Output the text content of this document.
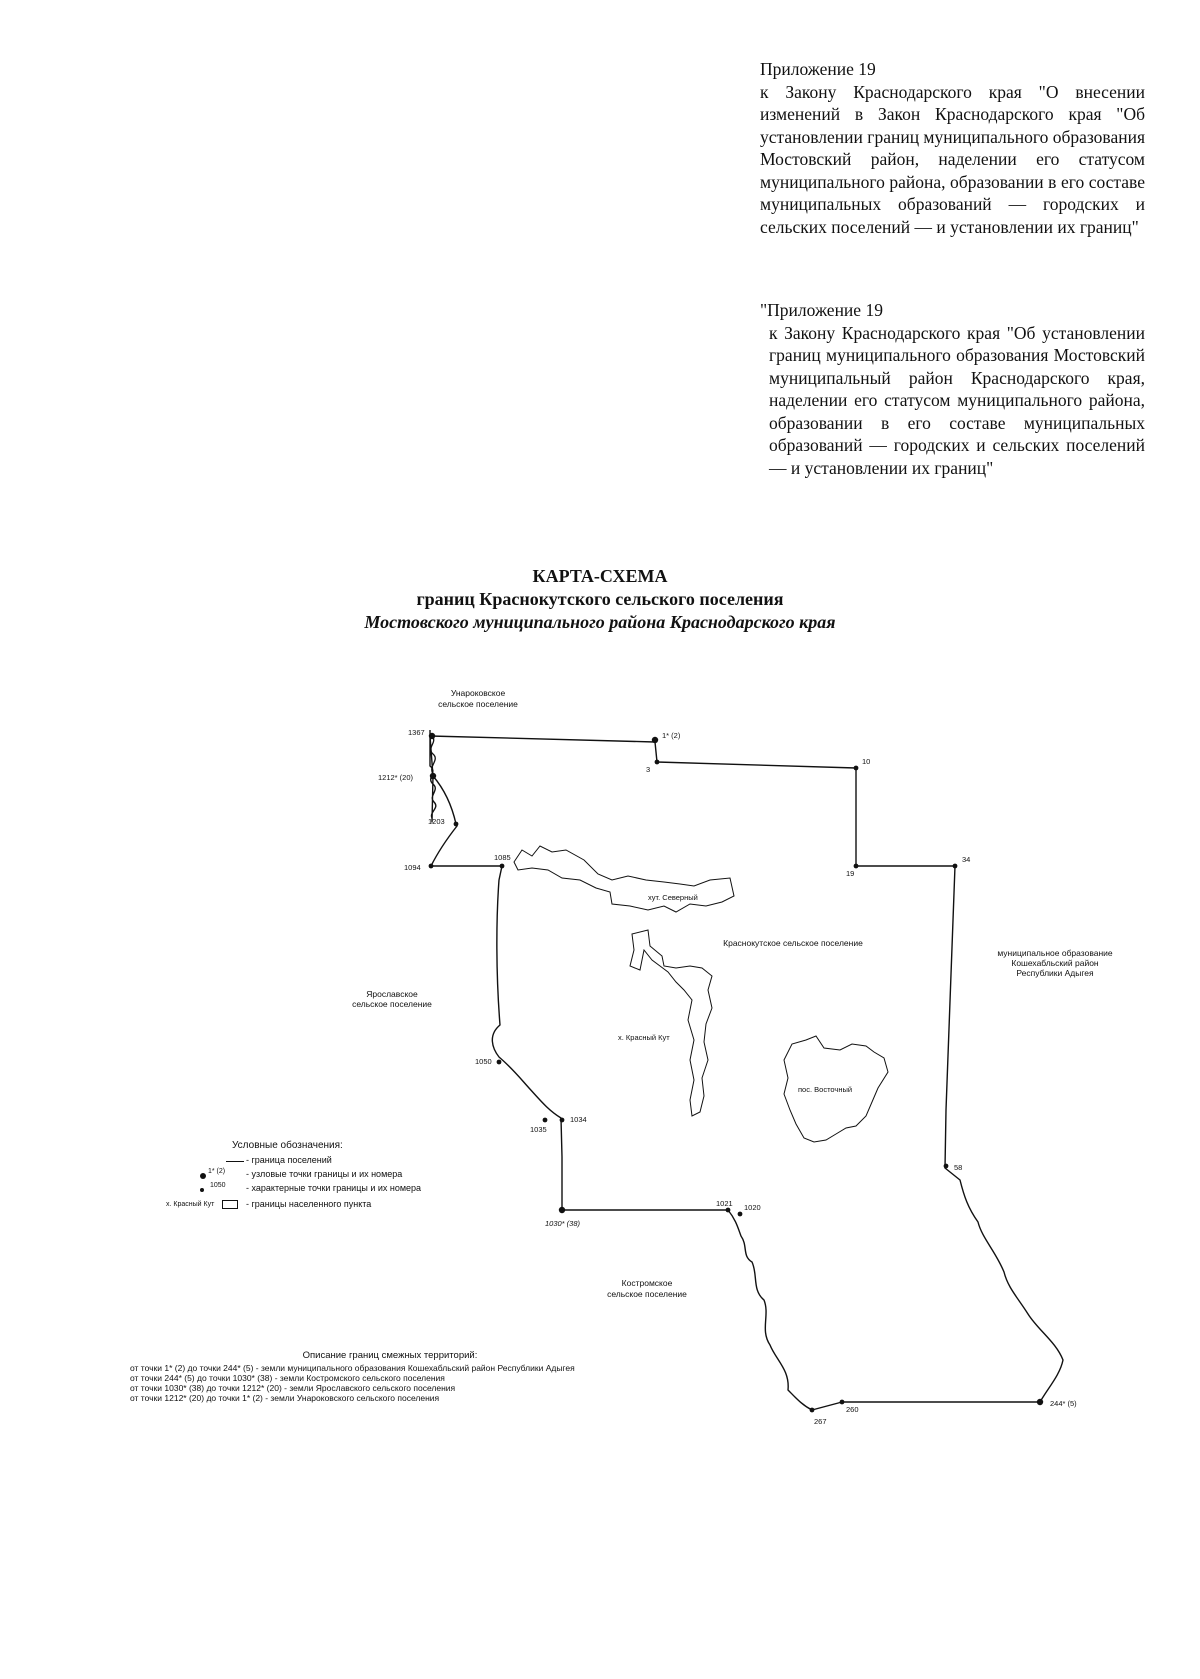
Приложение 19
к Закону Краснодарского края "О внесении изменений в Закон Краснодарского края "Об установлении границ муниципального образования Мостовский район, наделении его статусом муниципального района, образовании в его составе муниципальных образований — городских и сельских поселений — и установлении их границ"
"Приложение 19
к Закону Краснодарского края "Об установлении границ муниципального образования Мостовский муниципальный район Краснодарского края, наделении его статусом муниципального района, образовании в его составе муниципальных образований — городских и сельских поселений — и установлении их границ"
КАРТА-СХЕМА
границ Краснокутского сельского поселения
Мостовского муниципального района Краснодарского края
1367	1* (2)
3
10
1212* (20)
1203
1094
1085
19
34
1050
1035
1034
58
1021 1020
1030* (38)
260
267
244* (5)
Унароковское
сельское поселение
Краснокутское сельское поселение
Ярославское
сельское поселение
муниципальное образование
Кошехабльский район
Республики Адыгея
Костромское
сельское поселение
хут. Северный
х. Красный Кут
пос. Восточный
Условные обозначения:
- граница поселений
1* (2) - узловые точки границы и их номера
1050 - характерные точки границы и их номера
х. Красный Кут	- границы населенного пункта
Описание границ смежных территорий:
от точки 1* (2) до точки 244* (5) - земли муниципального образования Кошехабльский район Республики Адыгея
от точки 244* (5) до точки 1030* (38) - земли Костромского сельского поселения
от точки 1030* (38) до точки 1212* (20) - земли Ярославского сельского поселения
от точки 1212* (20) до точки 1* (2) - земли Унароковского сельского поселения
